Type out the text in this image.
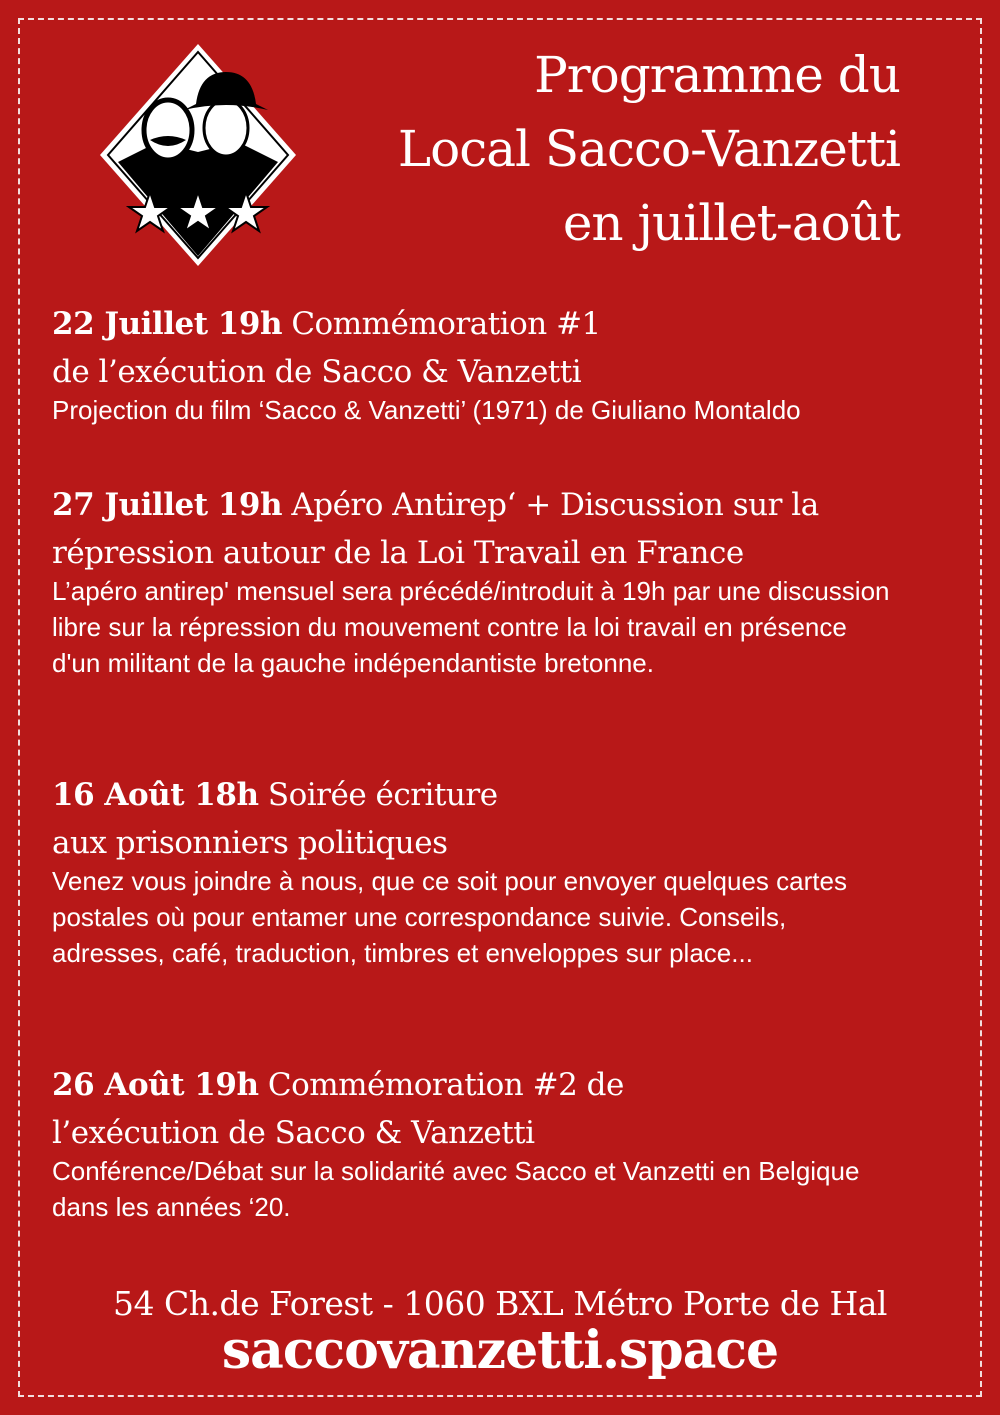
Programme du
Local Sacco-Vanzetti
en juillet-août
22 Juillet 19h Commémoration #1
de l’exécution de Sacco & Vanzetti
Projection du film ‘Sacco & Vanzetti’ (1971) de Giuliano Montaldo
27 Juillet 19h Apéro Antirep‘ + Discussion sur la
répression autour de la Loi Travail en France
L’apéro antirep' mensuel sera précédé/introduit à 19h par une discussion libre sur la répression du mouvement contre la loi travail en présence d'un militant de la gauche indépendantiste bretonne.
16 Août 18h Soirée écriture
aux prisonniers politiques
Venez vous joindre à nous, que ce soit pour envoyer quelques cartes postales où pour entamer une correspondance suivie. Conseils, adresses, café, traduction, timbres et enveloppes sur place...
26 Août 19h Commémoration #2 de
l’exécution de Sacco & Vanzetti
Conférence/Débat sur la solidarité avec Sacco et Vanzetti en Belgique dans les années ‘20.
54 Ch.de Forest - 1060 BXL Métro Porte de Hal
saccovanzetti.space
